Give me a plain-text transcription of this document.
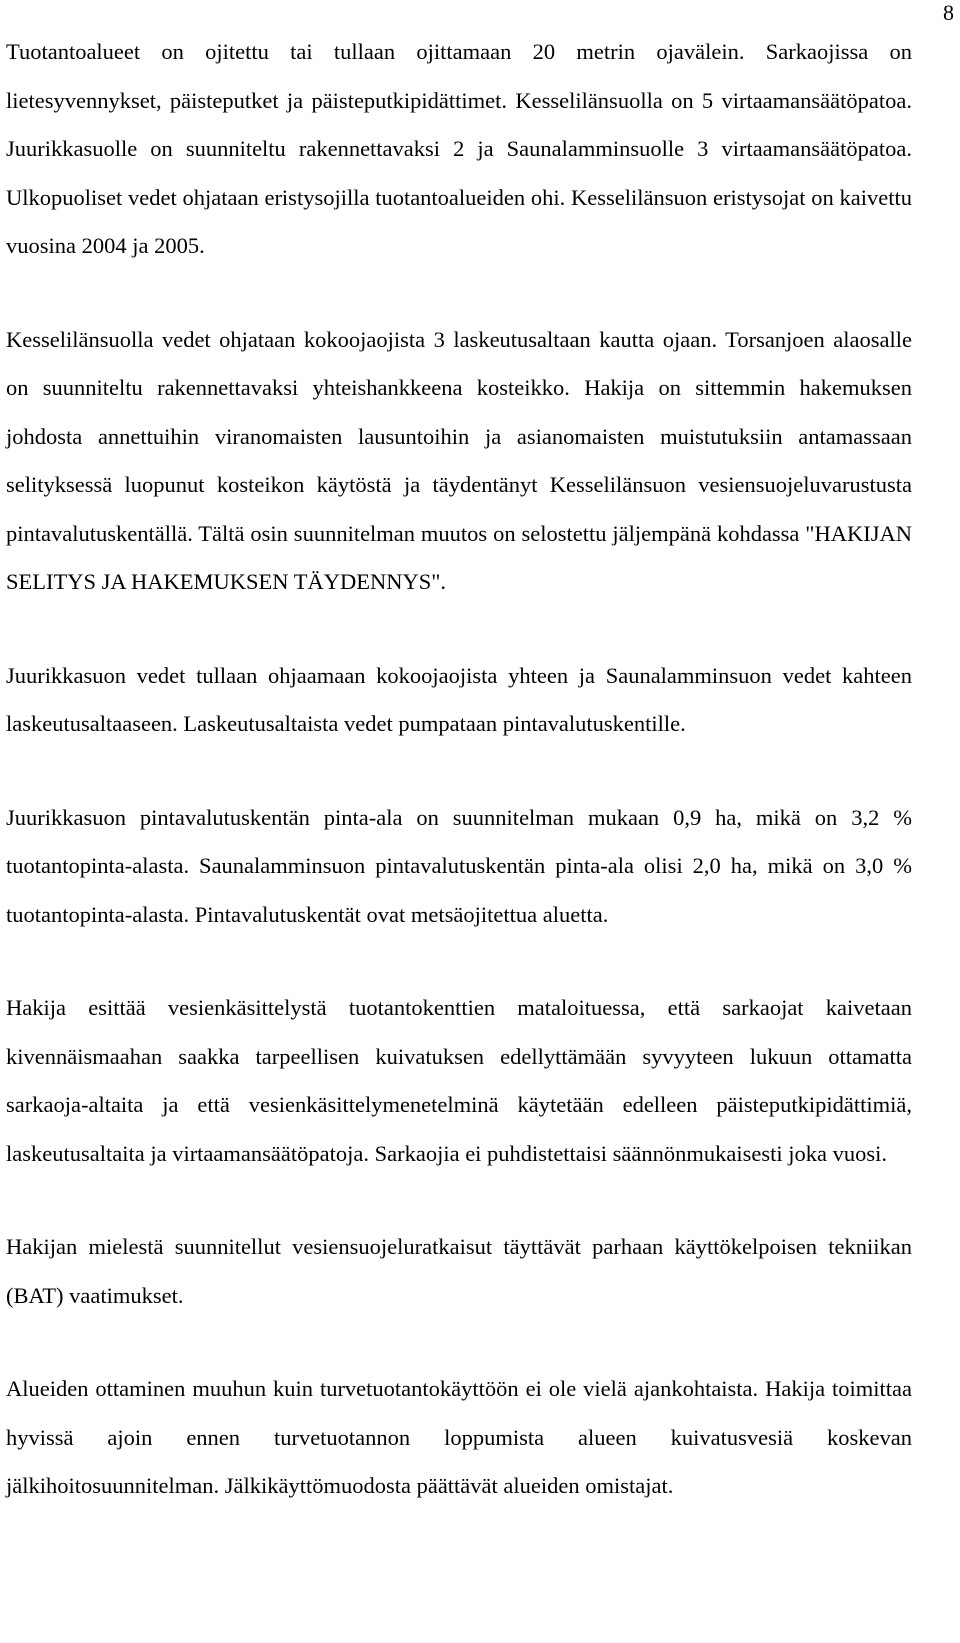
8

Tuotantoalueet on ojitettu tai tullaan ojittamaan 20 metrin ojavälein. Sarkaojissa on lietesyvennykset, päisteputket ja päisteputkipidättimet. Kesselilänsuolla on 5 virtaamansäätöpatoa. Juurikkasuolle on suunniteltu rakennettavaksi 2 ja Saunalamminsuolle 3 virtaamansäätöpatoa. Ulkopuoliset vedet ohjataan eristysojilla tuotantoalueiden ohi. Kesselilänsuon eristysojat on kaivettu vuosina 2004 ja 2005.

Kesselilänsuolla vedet ohjataan kokoojaojista 3 laskeutusaltaan kautta ojaan. Torsanjoen alaosalle on suunniteltu rakennettavaksi yhteishankkeena kosteikko. Hakija on sittemmin hakemuksen johdosta annettuihin viranomaisten lausuntoihin ja asianomaisten muistutuksiin antamassaan selityksessä luopunut kosteikon käytöstä ja täydentänyt Kesselilänsuon vesiensuojeluvarustusta pintavalutuskentällä. Tältä osin suunnitelman muutos on selostettu jäljempänä kohdassa "HAKIJAN SELITYS JA HAKEMUKSEN TÄYDENNYS".

Juurikkasuon vedet tullaan ohjaamaan kokoojaojista yhteen ja Saunalamminsuon vedet kahteen laskeutusaltaaseen. Laskeutusaltaista vedet pumpataan pintavalutuskentille.

Juurikkasuon pintavalutuskentän pinta-ala on suunnitelman mukaan 0,9 ha, mikä on 3,2 % tuotantopinta-alasta. Saunalamminsuon pintavalutuskentän pinta-ala olisi 2,0 ha, mikä on 3,0 % tuotantopinta-alasta. Pintavalutuskentät ovat metsäojitettua aluetta.

Hakija esittää vesienkäsittelystä tuotantokenttien mataloituessa, että sarkaojat kaivetaan kivennäismaahan saakka tarpeellisen kuivatuksen edellyttämään syvyyteen lukuun ottamatta sarkaoja-altaita ja että vesienkäsittelymenetelminä käytetään edelleen päisteputkipidättimiä, laskeutusaltaita ja virtaamansäätöpatoja. Sarkaojia ei puhdistettaisi säännönmukaisesti joka vuosi.

Hakijan mielestä suunnitellut vesiensuojeluratkaisut täyttävät parhaan käyttökelpoisen tekniikan (BAT) vaatimukset.

Alueiden ottaminen muuhun kuin turvetuotantokäyttöön ei ole vielä ajankohtaista. Hakija toimittaa hyvissä ajoin ennen turvetuotannon loppumista alueen kuivatusvesiä koskevan jälkihoitosuunnitelman. Jälkikäyttömuodosta päättävät alueiden omistajat.
